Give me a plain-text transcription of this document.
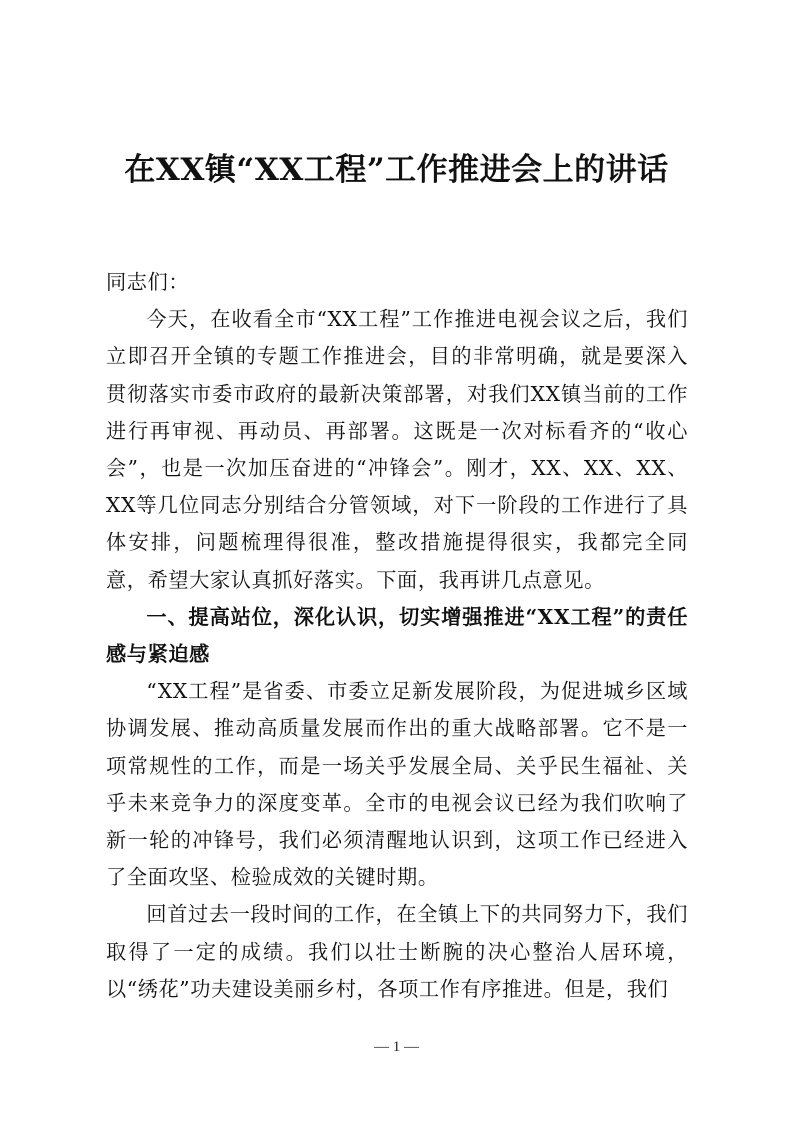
在XX镇“XX工程”工作推进会上的讲话

同志们：

今天，在收看全市“XX工程”工作推进电视会议之后，我们立即召开全镇的专题工作推进会，目的非常明确，就是要深入贯彻落实市委市政府的最新决策部署，对我们XX镇当前的工作进行再审视、再动员、再部署。这既是一次对标看齐的“收心会”，也是一次加压奋进的“冲锋会”。刚才，XX、XX、XX、XX等几位同志分别结合分管领域，对下一阶段的工作进行了具体安排，问题梳理得很准，整改措施提得很实，我都完全同意，希望大家认真抓好落实。下面，我再讲几点意见。

一、提高站位，深化认识，切实增强推进“XX工程”的责任感与紧迫感

“XX工程”是省委、市委立足新发展阶段，为促进城乡区域协调发展、推动高质量发展而作出的重大战略部署。它不是一项常规性的工作，而是一场关乎发展全局、关乎民生福祉、关乎未来竞争力的深度变革。全市的电视会议已经为我们吹响了新一轮的冲锋号，我们必须清醒地认识到，这项工作已经进入了全面攻坚、检验成效的关键时期。

回首过去一段时间的工作，在全镇上下的共同努力下，我们取得了一定的成绩。我们以壮士断腕的决心整治人居环境，以“绣花”功夫建设美丽乡村，各项工作有序推进。但是，我们

— 1 —
